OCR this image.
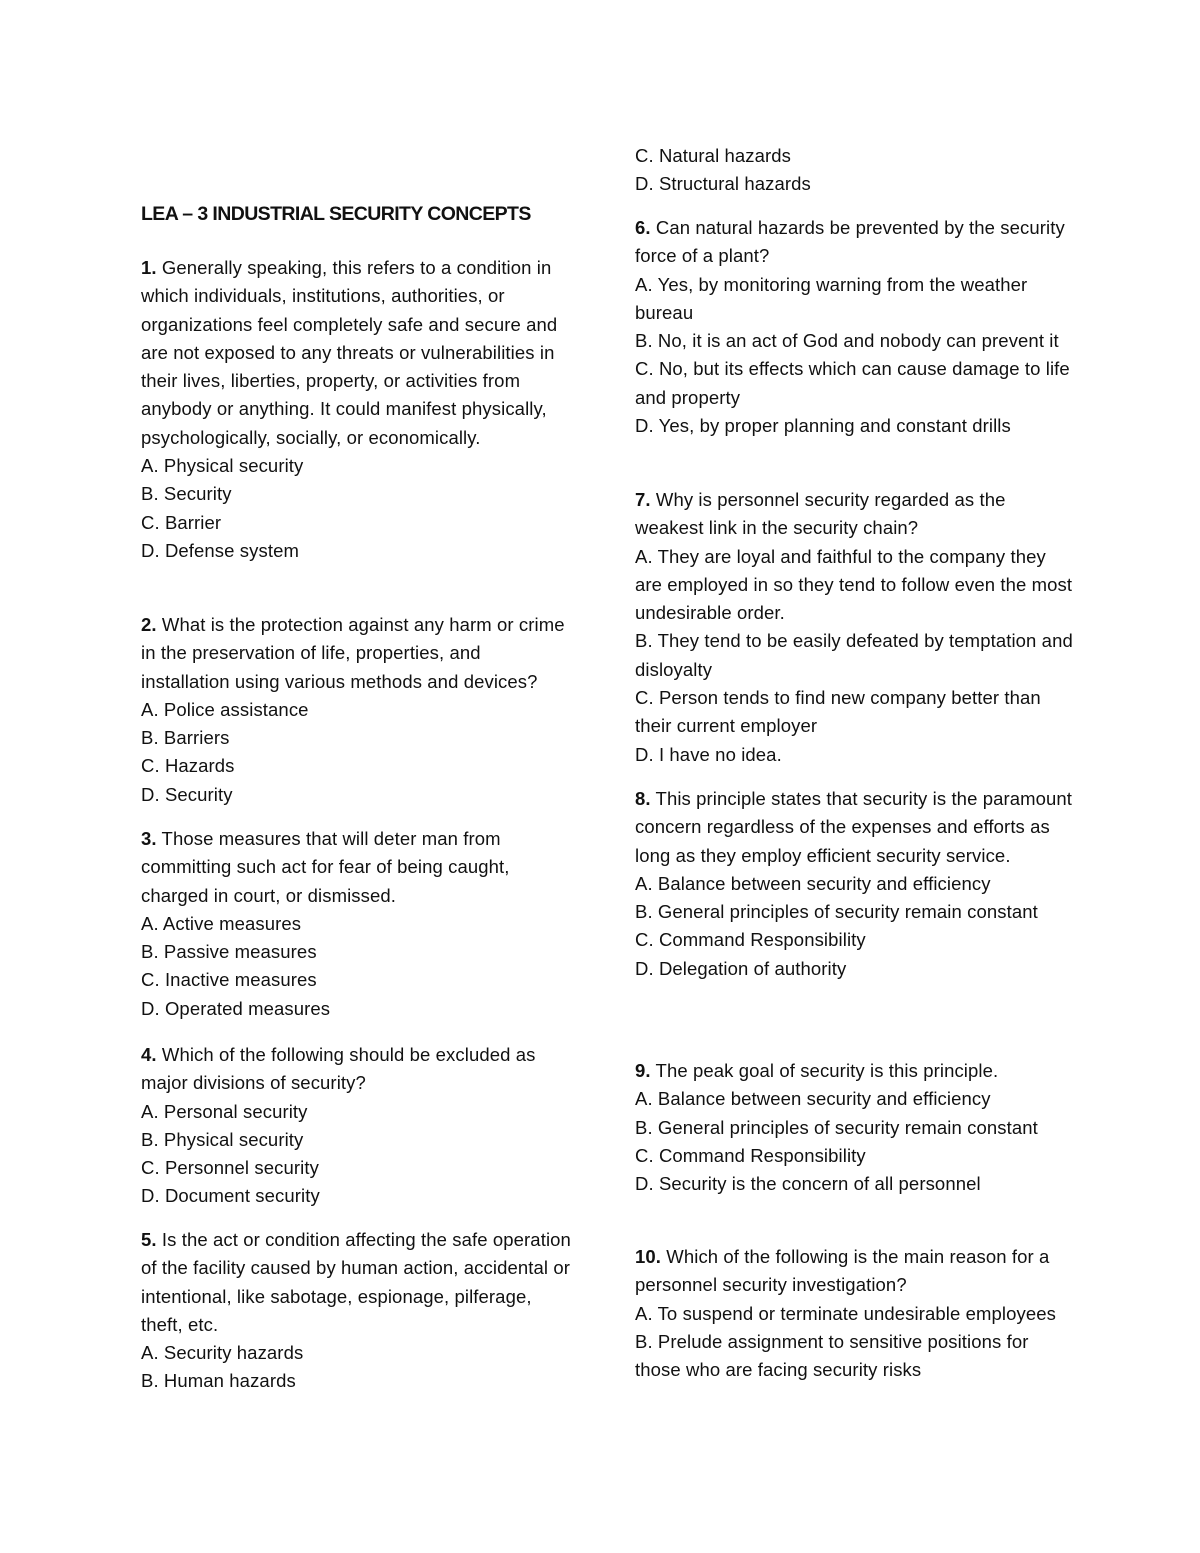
LEA – 3 INDUSTRIAL SECURITY CONCEPTS

1. Generally speaking, this refers to a condition in which individuals, institutions, authorities, or organizations feel completely safe and secure and are not exposed to any threats or vulnerabilities in their lives, liberties, property, or activities from anybody or anything. It could manifest physically, psychologically, socially, or economically.

A. Physical security

B. Security

C. Barrier

D. Defense system

2. What is the protection against any harm or crime in the preservation of life, properties, and installation using various methods and devices?

A. Police assistance

B. Barriers

C. Hazards

D. Security

3. Those measures that will deter man from committing such act for fear of being caught, charged in court, or dismissed.

A. Active measures

B. Passive measures

C. Inactive measures

D. Operated measures

4. Which of the following should be excluded as major divisions of security?

A. Personal security

B. Physical security

C. Personnel security

D. Document security

5. Is the act or condition affecting the safe operation of the facility caused by human action, accidental or intentional, like sabotage, espionage, pilferage, theft, etc.

A. Security hazards

B. Human hazards

C. Natural hazards

D. Structural hazards

6. Can natural hazards be prevented by the security force of a plant?

A. Yes, by monitoring warning from the weather bureau

B. No, it is an act of God and nobody can prevent it

C. No, but its effects which can cause damage to life and property

D. Yes, by proper planning and constant drills

7. Why is personnel security regarded as the weakest link in the security chain?

A. They are loyal and faithful to the company they are employed in so they tend to follow even the most undesirable order.

B. They tend to be easily defeated by temptation and disloyalty

C. Person tends to find new company better than their current employer

D. I have no idea.

8. This principle states that security is the paramount concern regardless of the expenses and efforts as long as they employ efficient security service.

A. Balance between security and efficiency

B. General principles of security remain constant

C. Command Responsibility

D. Delegation of authority

9. The peak goal of security is this principle.

A. Balance between security and efficiency

B. General principles of security remain constant

C. Command Responsibility

D. Security is the concern of all personnel

10. Which of the following is the main reason for a personnel security investigation?

A. To suspend or terminate undesirable employees

B. Prelude assignment to sensitive positions for those who are facing security risks
